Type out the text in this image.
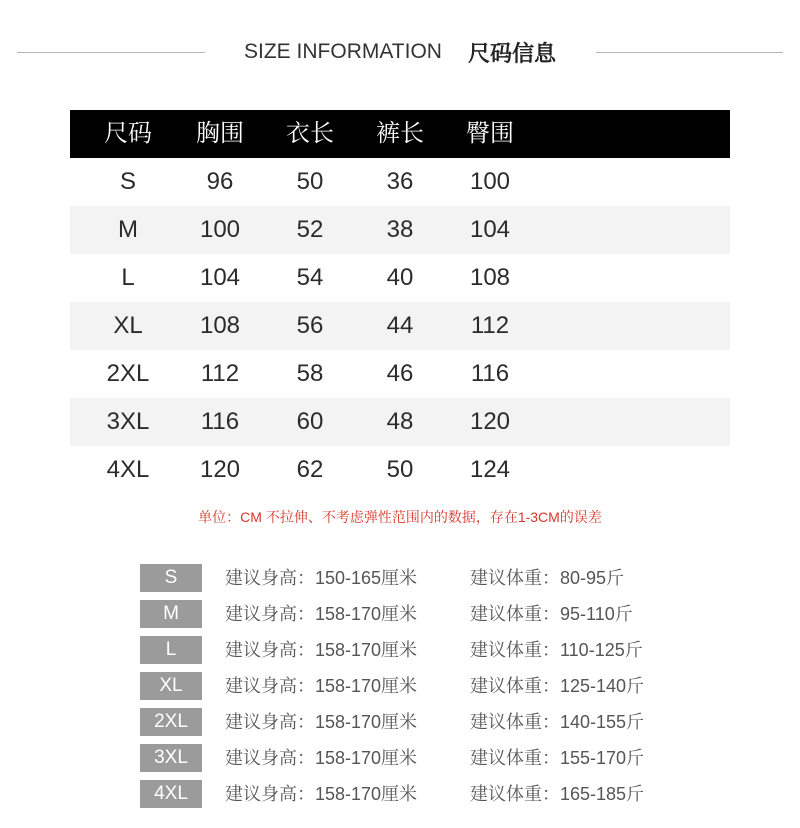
SIZE INFORMATION 尺码信息
尺码	胸围	衣长	裤长	臀围
S	96	50	36	100
M	100	52	38	104
L	104	54	40	108
XL	108	56	44	112
2XL	112	58	46	116
3XL	116	60	48	120
4XL	120	62	50	124
单位：CM 不拉伸、不考虑弹性范围内的数据，存在1-3CM的误差
S	建议身高：150-165厘米	建议体重：80-95斤
M	建议身高：158-170厘米	建议体重：95-110斤
L	建议身高：158-170厘米	建议体重：110-125斤
XL	建议身高：158-170厘米	建议体重：125-140斤
2XL	建议身高：158-170厘米	建议体重：140-155斤
3XL	建议身高：158-170厘米	建议体重：155-170斤
4XL	建议身高：158-170厘米	建议体重：165-185斤
